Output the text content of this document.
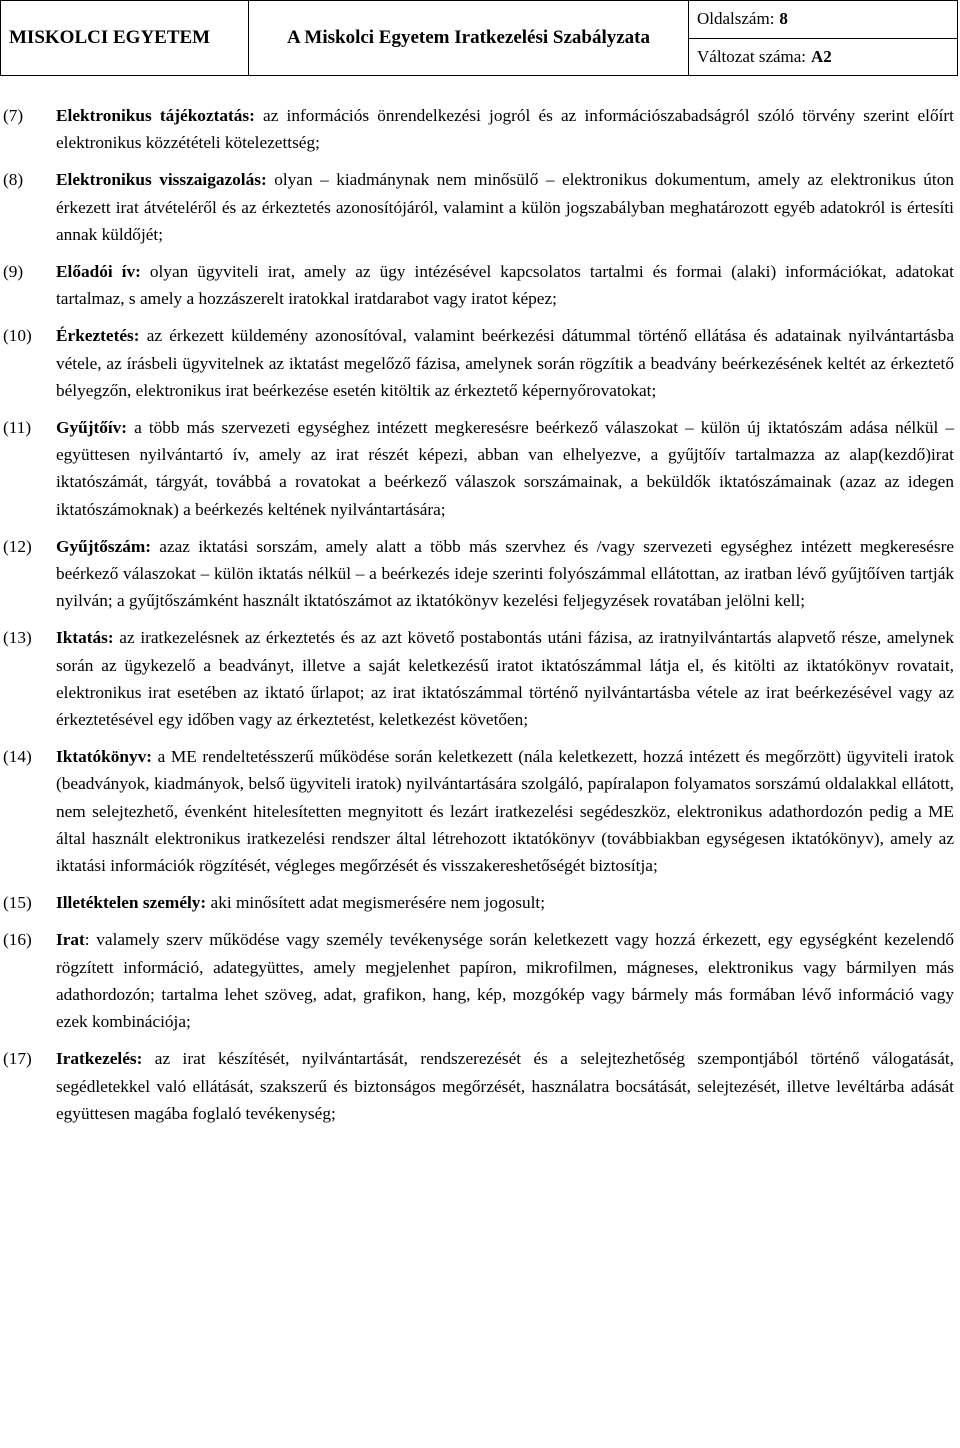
MISKOLCI EGYETEM	A Miskolci Egyetem Iratkezelési Szabályzata
Oldalszám: 8
Változat száma: A2
(7)	Elektronikus tájékoztatás: az információs önrendelkezési jogról és az információszabadságról szóló törvény szerint előírt elektronikus közzétételi kötelezettség;
(8)	Elektronikus visszaigazolás: olyan – kiadmánynak nem minősülő – elektronikus dokumentum, amely az elektronikus úton érkezett irat átvételéről és az érkeztetés azonosítójáról, valamint a külön jogszabályban meghatározott egyéb adatokról is értesíti annak küldőjét;
(9)	Előadói ív: olyan ügyviteli irat, amely az ügy intézésével kapcsolatos tartalmi és formai (alaki) információkat, adatokat tartalmaz, s amely a hozzászerelt iratokkal iratdarabot vagy iratot képez;
(10)	Érkeztetés: az érkezett küldemény azonosítóval, valamint beérkezési dátummal történő ellátása és adatainak nyilvántartásba vétele, az írásbeli ügyvitelnek az iktatást megelőző fázisa, amelynek során rögzítik a beadvány beérkezésének keltét az érkeztető bélyegzőn, elektronikus irat beérkezése esetén kitöltik az érkeztető képernyőrovatokat;
(11)	Gyűjtőív: a több más szervezeti egységhez intézett megkeresésre beérkező válaszokat – külön új iktatószám adása nélkül – együttesen nyilvántartó ív, amely az irat részét képezi, abban van elhelyezve, a gyűjtőív tartalmazza az alap(kezdő)irat iktatószámát, tárgyát, továbbá a rovatokat a beérkező válaszok sorszámainak, a beküldők iktatószámainak (azaz az idegen iktatószámoknak) a beérkezés keltének nyilvántartására;
(12)	Gyűjtőszám: azaz iktatási sorszám, amely alatt a több más szervhez és /vagy szervezeti egységhez intézett megkeresésre beérkező válaszokat – külön iktatás nélkül – a beérkezés ideje szerinti folyószámmal ellátottan, az iratban lévő gyűjtőíven tartják nyilván; a gyűjtőszámként használt iktatószámot az iktatókönyv kezelési feljegyzések rovatában jelölni kell;
(13)	Iktatás: az iratkezelésnek az érkeztetés és az azt követő postabontás utáni fázisa, az iratnyilvántartás alapvető része, amelynek során az ügykezelő a beadványt, illetve a saját keletkezésű iratot iktatószámmal látja el, és kitölti az iktatókönyv rovatait, elektronikus irat esetében az iktató űrlapot; az irat iktatószámmal történő nyilvántartásba vétele az irat beérkezésével vagy az érkeztetésével egy időben vagy az érkeztetést, keletkezést követően;
(14)	Iktatókönyv: a ME rendeltetésszerű működése során keletkezett (nála keletkezett, hozzá intézett és megőrzött) ügyviteli iratok (beadványok, kiadmányok, belső ügyviteli iratok) nyilvántartására szolgáló, papíralapon folyamatos sorszámú oldalakkal ellátott, nem selejtezhető, évenként hitelesítetten megnyitott és lezárt iratkezelési segédeszköz, elektronikus adathordozón pedig a ME által használt elektronikus iratkezelési rendszer által létrehozott iktatókönyv (továbbiakban egységesen iktatókönyv), amely az iktatási információk rögzítését, végleges megőrzését és visszakereshetőségét biztosítja;
(15)	Illetéktelen személy: aki minősített adat megismerésére nem jogosult;
(16)	Irat: valamely szerv működése vagy személy tevékenysége során keletkezett vagy hozzá érkezett, egy egységként kezelendő rögzített információ, adategyüttes, amely megjelenhet papíron, mikrofilmen, mágneses, elektronikus vagy bármilyen más adathordozón; tartalma lehet szöveg, adat, grafikon, hang, kép, mozgókép vagy bármely más formában lévő információ vagy ezek kombinációja;
(17)	Iratkezelés: az irat készítését, nyilvántartását, rendszerezését és a selejtezhetőség szempontjából történő válogatását, segédletekkel való ellátását, szakszerű és biztonságos megőrzését, használatra bocsátását, selejtezését, illetve levéltárba adását együttesen magába foglaló tevékenység;
